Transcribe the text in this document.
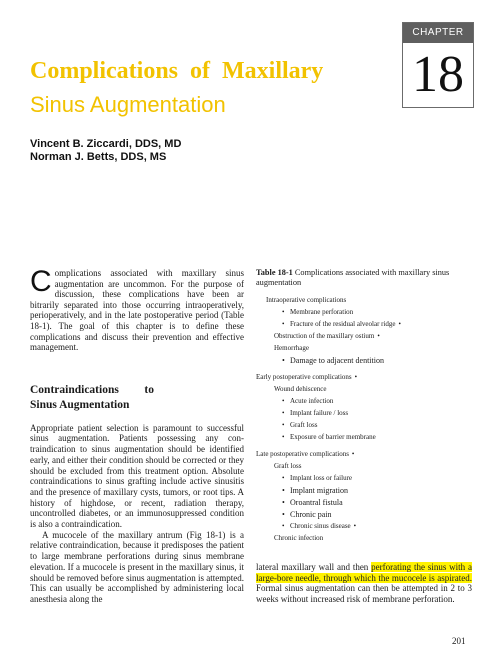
CHAPTER
18
Complications  of  Maxillary
Sinus Augmentation
Vincent B. Ziccardi, DDS, MD
Norman J. Betts, DDS, MS
C omplications associated with maxillary sinus augmentation are uncommon. For the purpose of discussion, these complications have been ar bitrarily separated into those occurring intraoperatively, perioperatively, and in the late postoperative period (Table 18-1). The goal of this chapter is to define these complications and discuss their prevention and effective management.
Contraindications to
Sinus Augmentation

Appropriate patient selection is paramount to successful sinus augmentation. Patients possessing any con-traindication to sinus augmentation should be identified early, and either their condition should be corrected or they should be excluded from this treatment option. Absolute contraindications to sinus grafting include active sinusitis and the presence of maxillary cysts, tumors, or root tips. A history of highdose, or recent, radiation therapy, uncontrolled diabetes, or an immunosuppressed condition is also a contraindication.

A mucocele of the maxillary antrum (Fig 18-1) is a relative contraindication, because it predisposes the patient to large membrane perforations during sinus membrane elevation. If a mucocele is present in the maxillary sinus, it should be removed before sinus augmentation is attempted. This can usually be accomplished by administering local anesthesia along the

Table 18-1 Complications associated with maxillary sinus augmentation
Intraoperative complications
• Membrane perforation
• Fracture of the residual alveolar ridge •
Obstruction of the maxillary ostium •
Hemorrhage
• Damage to adjacent dentition
Early postoperative complications •
Wound dehiscence
• Acute infection
• Implant failure / loss
• Graft loss
• Exposure of barrier membrane
Late postoperative complications •
Graft loss
• Implant loss or failure
• Implant migration
• Oroantral fistula
• Chronic pain
• Chronic sinus disease •
Chronic infection
lateral maxillary wall and then perforating the sinus with a large-bore needle, through which the mucocele is aspirated. Formal sinus augmentation can then be attempted in 2 to 3 weeks without increased risk of membrane perforation.
201
